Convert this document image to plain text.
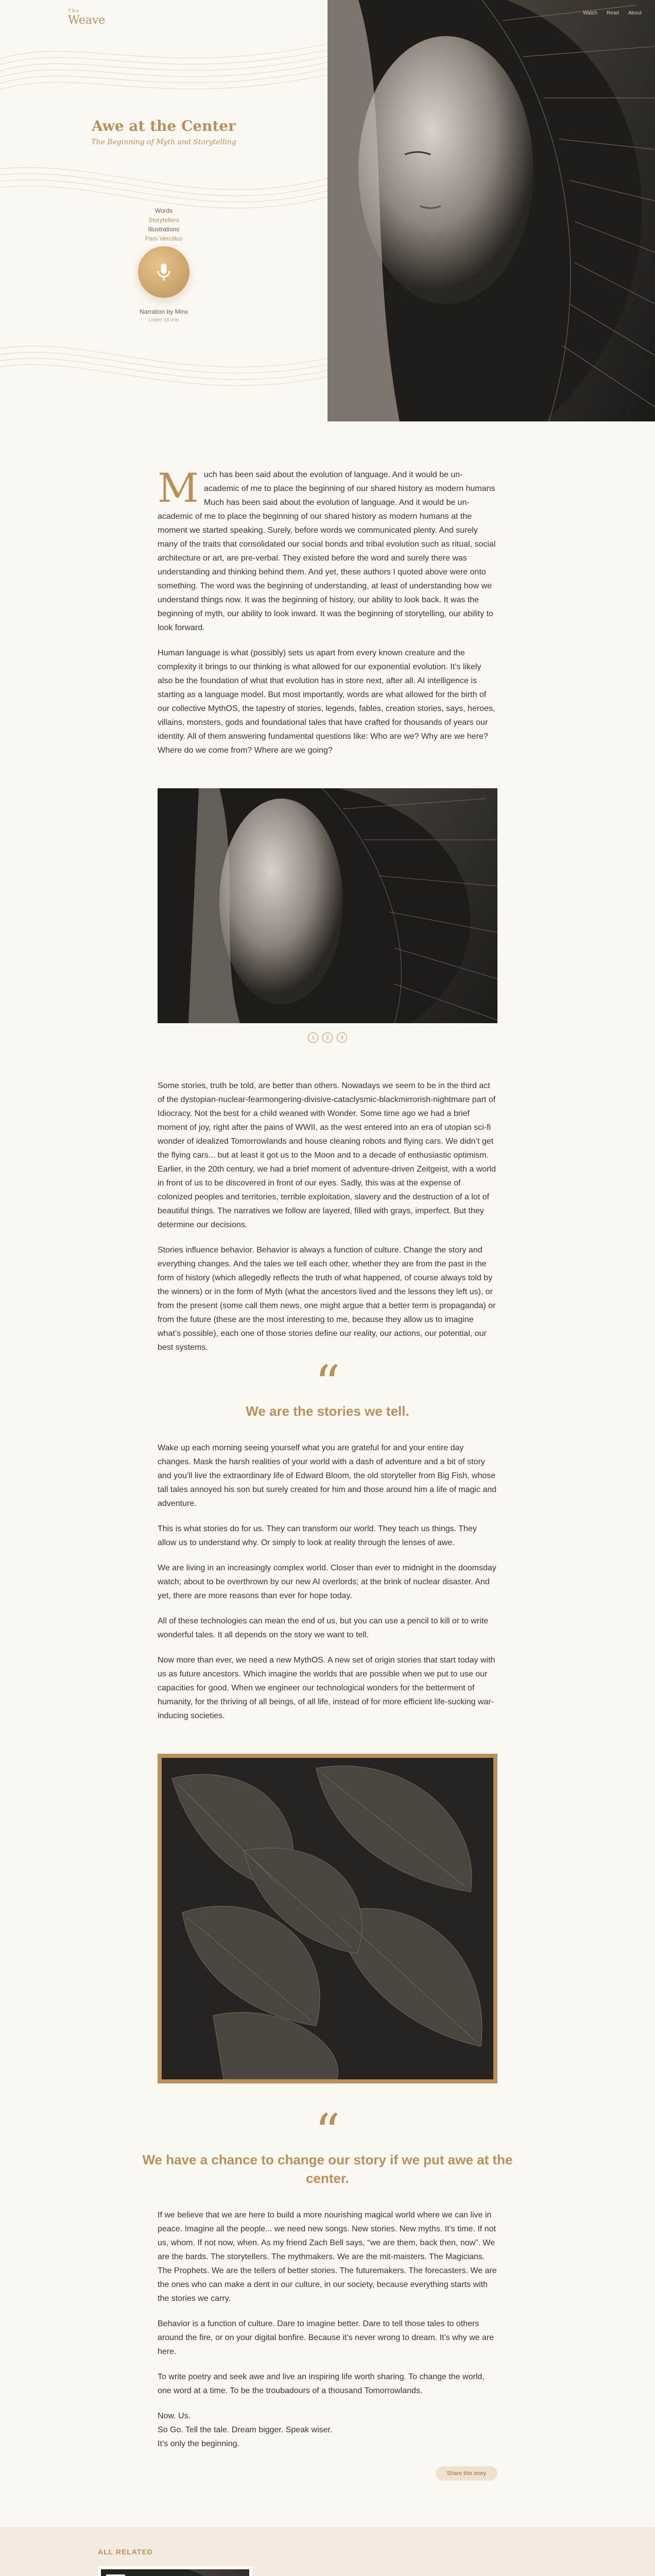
The
Weave
Awe at the Center
The Beginning of Myth and Storytelling
Words
Storytellers
Illustrations
Pam Vercillus
Narration by Minx
Listen 18 min
Watch Read About

Much has been said about the evolution of language. And it would be un-academic of me to place the beginning of our shared history as modern humans Much has been said about the evolution of language. And it would be un-academic of me to place the beginning of our shared history as modern humans at the moment we started speaking. Surely, before words we communicated plenty. And surely many of the traits that consolidated our social bonds and tribal evolution such as ritual, social architecture or art, are pre-verbal. They existed before the word and surely there was understanding and thinking behind them. And yet, these authors I quoted above were onto something. The word was the beginning of understanding, at least of understanding how we understand things now. It was the beginning of history, our ability to look back. It was the beginning of myth, our ability to look inward. It was the beginning of storytelling, our ability to look forward.

Human language is what (possibly) sets us apart from every known creature and the complexity it brings to our thinking is what allowed for our exponential evolution. It’s likely also be the foundation of what that evolution has in store next, after all. AI intelligence is starting as a language model. But most importantly, words are what allowed for the birth of our collective MythOS, the tapestry of stories, legends, fables, creation stories, says, heroes, villains, monsters, gods and foundational tales that have crafted for thousands of years our identity. All of them answering fundamental questions like: Who are we? Why are we here? Where do we come from? Where are we going?

1	2	3

Some stories, truth be told, are better than others. Nowadays we seem to be in the third act of the dystopian-nuclear-fearmongering-divisive-cataclysmic-blackmirrorish-nightmare part of Idiocracy. Not the best for a child weaned with Wonder. Some time ago we had a brief moment of joy, right after the pains of WWII, as the west entered into an era of utopian sci-fi wonder of idealized Tomorrowlands and house cleaning robots and flying cars. We didn’t get the flying cars... but at least it got us to the Moon and to a decade of enthusiastic optimism. Earlier, in the 20th century, we had a brief moment of adventure-driven Zeitgeist, with a world in front of us to be discovered in front of our eyes. Sadly, this was at the expense of colonized peoples and territories, terrible exploitation, slavery and the destruction of a lot of beautiful things. The narratives we follow are layered, filled with grays, imperfect. But they determine our decisions.

Stories influence behavior. Behavior is always a function of culture. Change the story and everything changes. And the tales we tell each other, whether they are from the past in the form of history (which allegedly reflects the truth of what happened, of course always told by the winners) or in the form of Myth (what the ancestors lived and the lessons they left us), or from the present (some call them news, one might argue that a better term is propaganda) or from the future (these are the most interesting to me, because they allow us to imagine what’s possible), each one of those stories define our reality, our actions, our potential, our best systems.

“
We are the stories we tell.

Wake up each morning seeing yourself what you are grateful for and your entire day changes. Mask the harsh realities of your world with a dash of adventure and a bit of story and you’ll live the extraordinary life of Edward Bloom, the old storyteller from Big Fish, whose tall tales annoyed his son but surely created for him and those around him a life of magic and adventure.

This is what stories do for us. They can transform our world. They teach us things. They allow us to understand why. Or simply to look at reality through the lenses of awe.

We are living in an increasingly complex world. Closer than ever to midnight in the doomsday watch; about to be overthrown by our new AI overlords; at the brink of nuclear disaster. And yet, there are more reasons than ever for hope today.

All of these technologies can mean the end of us, but you can use a pencil to kill or to write wonderful tales. It all depends on the story we want to tell.

Now more than ever, we need a new MythOS. A new set of origin stories that start today with us as future ancestors. Which imagine the worlds that are possible when we put to use our capacities for good. When we engineer our technological wonders for the betterment of humanity, for the thriving of all beings, of all life, instead of for more efficient life-sucking war-inducing societies.

“
We have a chance to change our story if we put awe at the center.

If we believe that we are here to build a more nourishing magical world where we can live in peace. Imagine all the people... we need new songs. New stories. New myths. It’s time. If not us, whom. If not now, when. As my friend Zach Bell says, “we are them, back then, now”. We are the bards. The storytellers. The mythmakers. We are the mit-maisters. The Magicians. The Prophets. We are the tellers of better stories. The futuremakers. The forecasters. We are the ones who can make a dent in our culture, in our society, because everything starts with the stories we carry.

Behavior is a function of culture. Dare to imagine better. Dare to tell those tales to others around the fire, or on your digital bonfire. Because it’s never wrong to dream. It’s why we are here.

To write poetry and seek awe and live an inspiring life worth sharing. To change the world, one word at a time. To be the troubadours of a thousand Tomorrowlands.

Now. Us.
So Go. Tell the tale. Dream bigger. Speak wiser.
It’s only the beginning.

Share this story
ALL RELATED
